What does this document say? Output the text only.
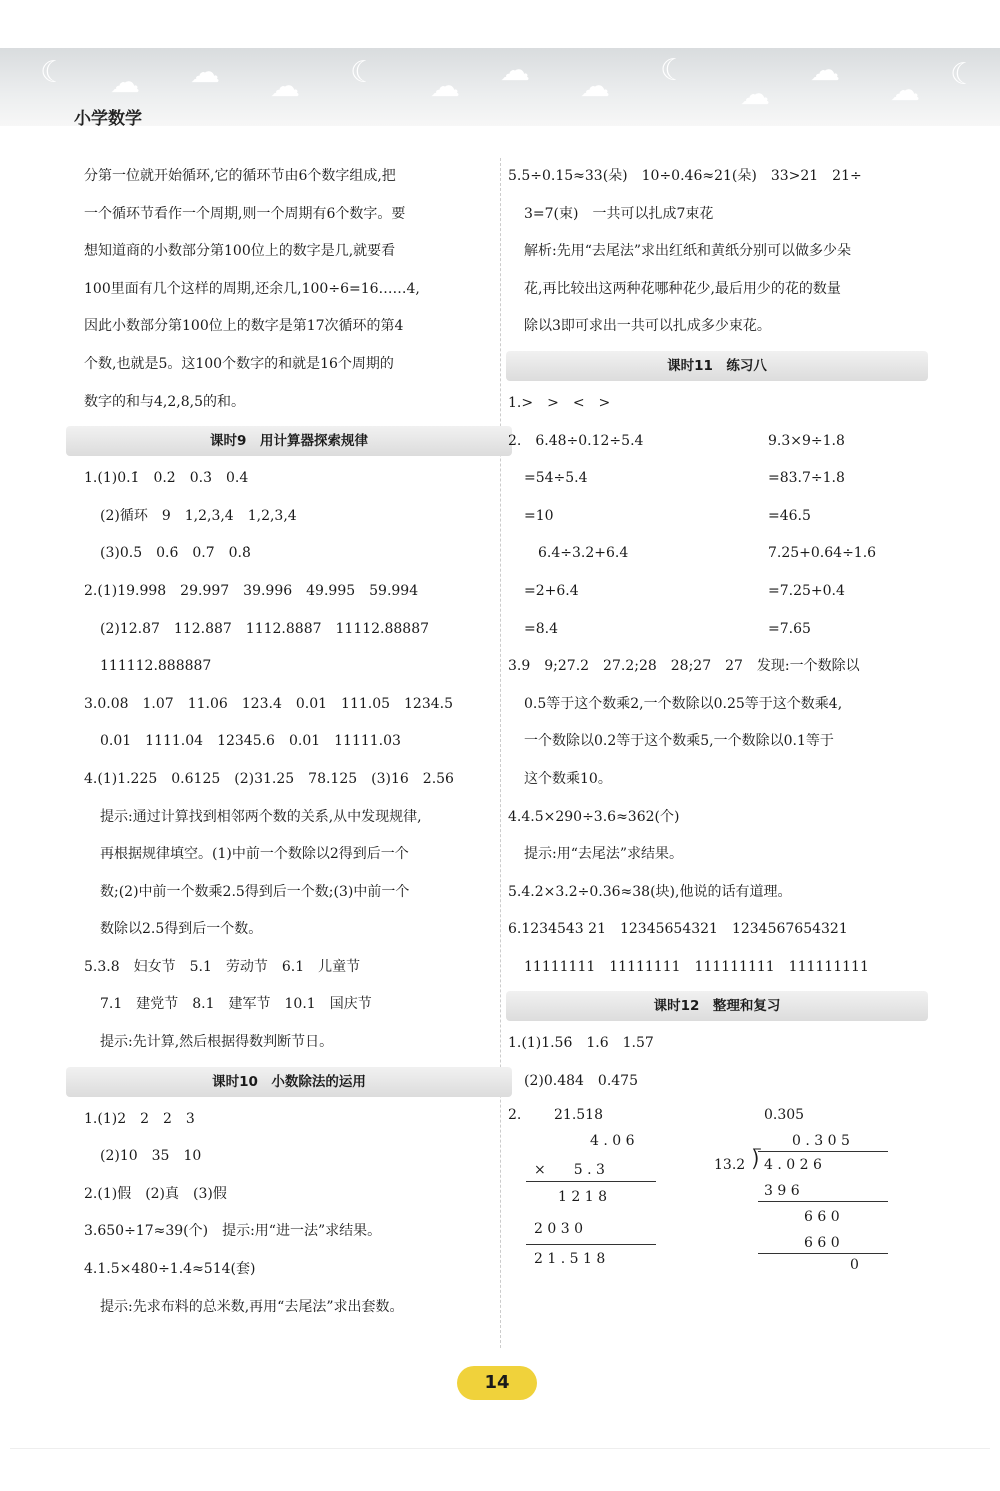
☾ ☁ ☁ ☁ ☾ ☁ ☁ ☁ ☾
☁
☁
☁ ☾
小学数学
分第一位就开始循环,它的循环节由6个数字组成,把
一个循环节看作一个周期,则一个周期有6个数字。要
想知道商的小数部分第100位上的数字是几,就要看
100里面有几个这样的周期,还余几,100÷6=16……4,
因此小数部分第100位上的数字是第17次循环的第4
个数,也就是5。这100个数字的和就是16个周期的
数字的和与4,2,8,5的和。
课时9　用计算器探索规律
1.(1)0.1̇　0.2̇　0.3̇　0.4̇
(2)循环　9　1,2,3,4　1,2,3,4
(3)0.5̇　0.6̇　0.7̇　0.8̇
2.(1)19.998　29.997　39.996　49.995　59.994
(2)12.87　112.887　1112.8887　11112.88887
111112.888887
3.0.08　1.07　11.06　123.4　0.01　111.05　1234.5
0.01　1111.04　12345.6　0.01　11111.03
4.(1)1.225　0.6125　(2)31.25　78.125　(3)16　2.56
提示:通过计算找到相邻两个数的关系,从中发现规律,
再根据规律填空。(1)中前一个数除以2得到后一个
数;(2)中前一个数乘2.5得到后一个数;(3)中前一个
数除以2.5得到后一个数。
5.3.8　妇女节　5.1　劳动节　6.1　儿童节
7.1　建党节　8.1　建军节　10.1　国庆节
提示:先计算,然后根据得数判断节日。
课时10　小数除法的运用
1.(1)2　2　2　3
(2)10　35　10
2.(1)假　(2)真　(3)假
3.650÷17≈39(个)　提示:用“进一法”求结果。
4.1.5×480÷1.4≈514(套)
提示:先求布料的总米数,再用“去尾法”求出套数。
5.5÷0.15≈33(朵)　10÷0.46≈21(朵)　33>21　21÷
3=7(束)　一共可以扎成7束花
解析:先用“去尾法”求出红纸和黄纸分别可以做多少朵
花,再比较出这两种花哪种花少,最后用少的花的数量
除以3即可求出一共可以扎成多少束花。
课时11　练习八
1.>　>　<　>
2.　6.48÷0.12÷5.4
=54÷5.4
=10
6.4÷3.2+6.4
=2+6.4
=8.4
9.3×9÷1.8
=83.7÷1.8
=46.5
7.25+0.64÷1.6
=7.25+0.4
=7.65
3.9　9;27.2　27.2;28　28;27　27　发现:一个数除以
0.5等于这个数乘2,一个数除以0.25等于这个数乘4,
一个数除以0.2等于这个数乘5,一个数除以0.1等于
这个数乘10。
4.4.5×290÷3.6≈362(个)
提示:用“去尾法”求结果。
5.4.2×3.2÷0.36≈38(块),他说的话有道理。
6.1234543 21　12345654321　1234567654321
11111111　11111111　111111111　111111111
课时12　整理和复习
1.(1)1.56̇　1.6　1.57
(2)0.484　0.475
2. 21.518
4 . 0 6
×　　5 . 3
1 2 1 8
2 0 3 0
2 1 . 5 1 8
0.305
0 . 3 0 5
13.2 ⟌ 4 . 0 2 6
3 9 6
6 6 0
6 6 0
0
14
